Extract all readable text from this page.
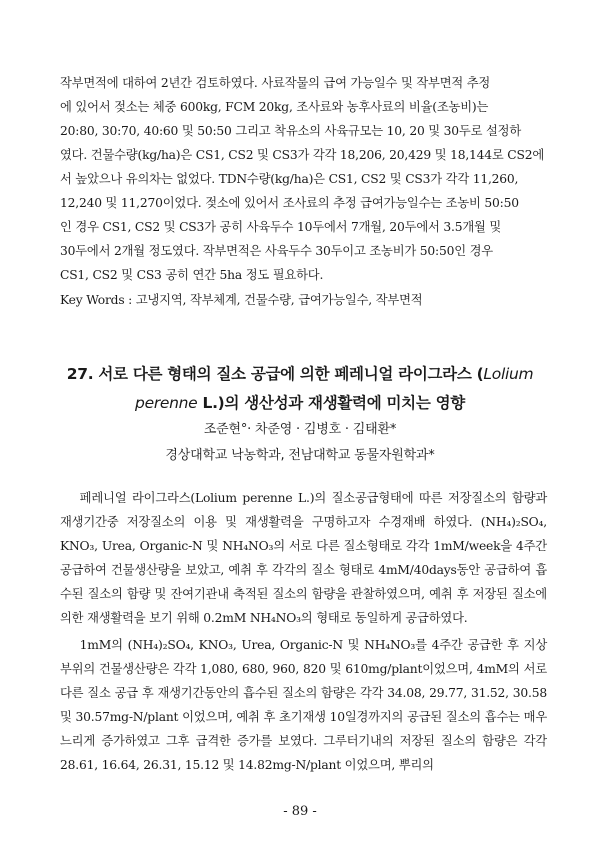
작부면적에 대하여 2년간 검토하였다. 사료작물의 급여 가능일수 및 작부면적 추정

에 있어서 젖소는 체중 600kg, FCM 20kg, 조사료와 농후사료의 비율(조농비)는

20:80, 30:70, 40:60 및 50:50 그리고 착유소의 사육규모는 10, 20 및 30두로 설정하

였다. 건물수량(kg/ha)은 CS1, CS2 및 CS3가 각각 18,206, 20,429 및 18,144로 CS2에

서 높았으나 유의차는 없었다. TDN수량(kg/ha)은 CS1, CS2 및 CS3가 각각 11,260,

12,240 및 11,270이었다. 젖소에 있어서 조사료의 추정 급여가능일수는 조농비 50:50

인 경우 CS1, CS2 및 CS3가 공히 사육두수 10두에서 7개월, 20두에서 3.5개월 및

30두에서 2개월 정도였다. 작부면적은 사육두수 30두이고 조농비가 50:50인 경우

CS1, CS2 및 CS3 공히 연간 5ha 정도 필요하다.

Key Words : 고냉지역, 작부체계, 건물수량, 급여가능일수, 작부면적
27. 서로 다른 형태의 질소 공급에 의한 페레니얼 라이그라스 (Lolium
perenne L.)의 생산성과 재생활력에 미치는 영향
조준현°· 차준영 · 김병호 · 김태환*
경상대학교 낙농학과, 전남대학교 동물자원학과*

페레니얼 라이그라스(Lolium perenne L.)의 질소공급형태에 따른 저장질소의 함량과 재생기간중 저장질소의 이용 및 재생활력을 구명하고자 수경재배 하였다. (NH₄)₂SO₄, KNO₃, Urea, Organic-N 및 NH₄NO₃의 서로 다른 질소형태로 각각 1mM/week을 4주간 공급하여 건물생산량을 보았고, 예취 후 각각의 질소 형태로 4mM/40days동안 공급하여 흡수된 질소의 함량 및 잔여기관내 축적된 질소의 함량을 관찰하였으며, 예취 후 저장된 질소에 의한 재생활력을 보기 위해 0.2mM NH₄NO₃의 형태로 동일하게 공급하였다.

1mM의 (NH₄)₂SO₄, KNO₃, Urea, Organic-N 및 NH₄NO₃를 4주간 공급한 후 지상부위의 건물생산량은 각각 1,080, 680, 960, 820 및 610mg/plant이었으며, 4mM의 서로 다른 질소 공급 후 재생기간동안의 흡수된 질소의 함량은 각각 34.08, 29.77, 31.52, 30.58 및 30.57mg-N/plant 이었으며, 예취 후 초기재생 10일경까지의 공급된 질소의 흡수는 매우 느리게 증가하였고 그후 급격한 증가를 보였다. 그루터기내의 저장된 질소의 함량은 각각 28.61, 16.64, 26.31, 15.12 및 14.82mg-N/plant 이었으며, 뿌리의

- 89 -
